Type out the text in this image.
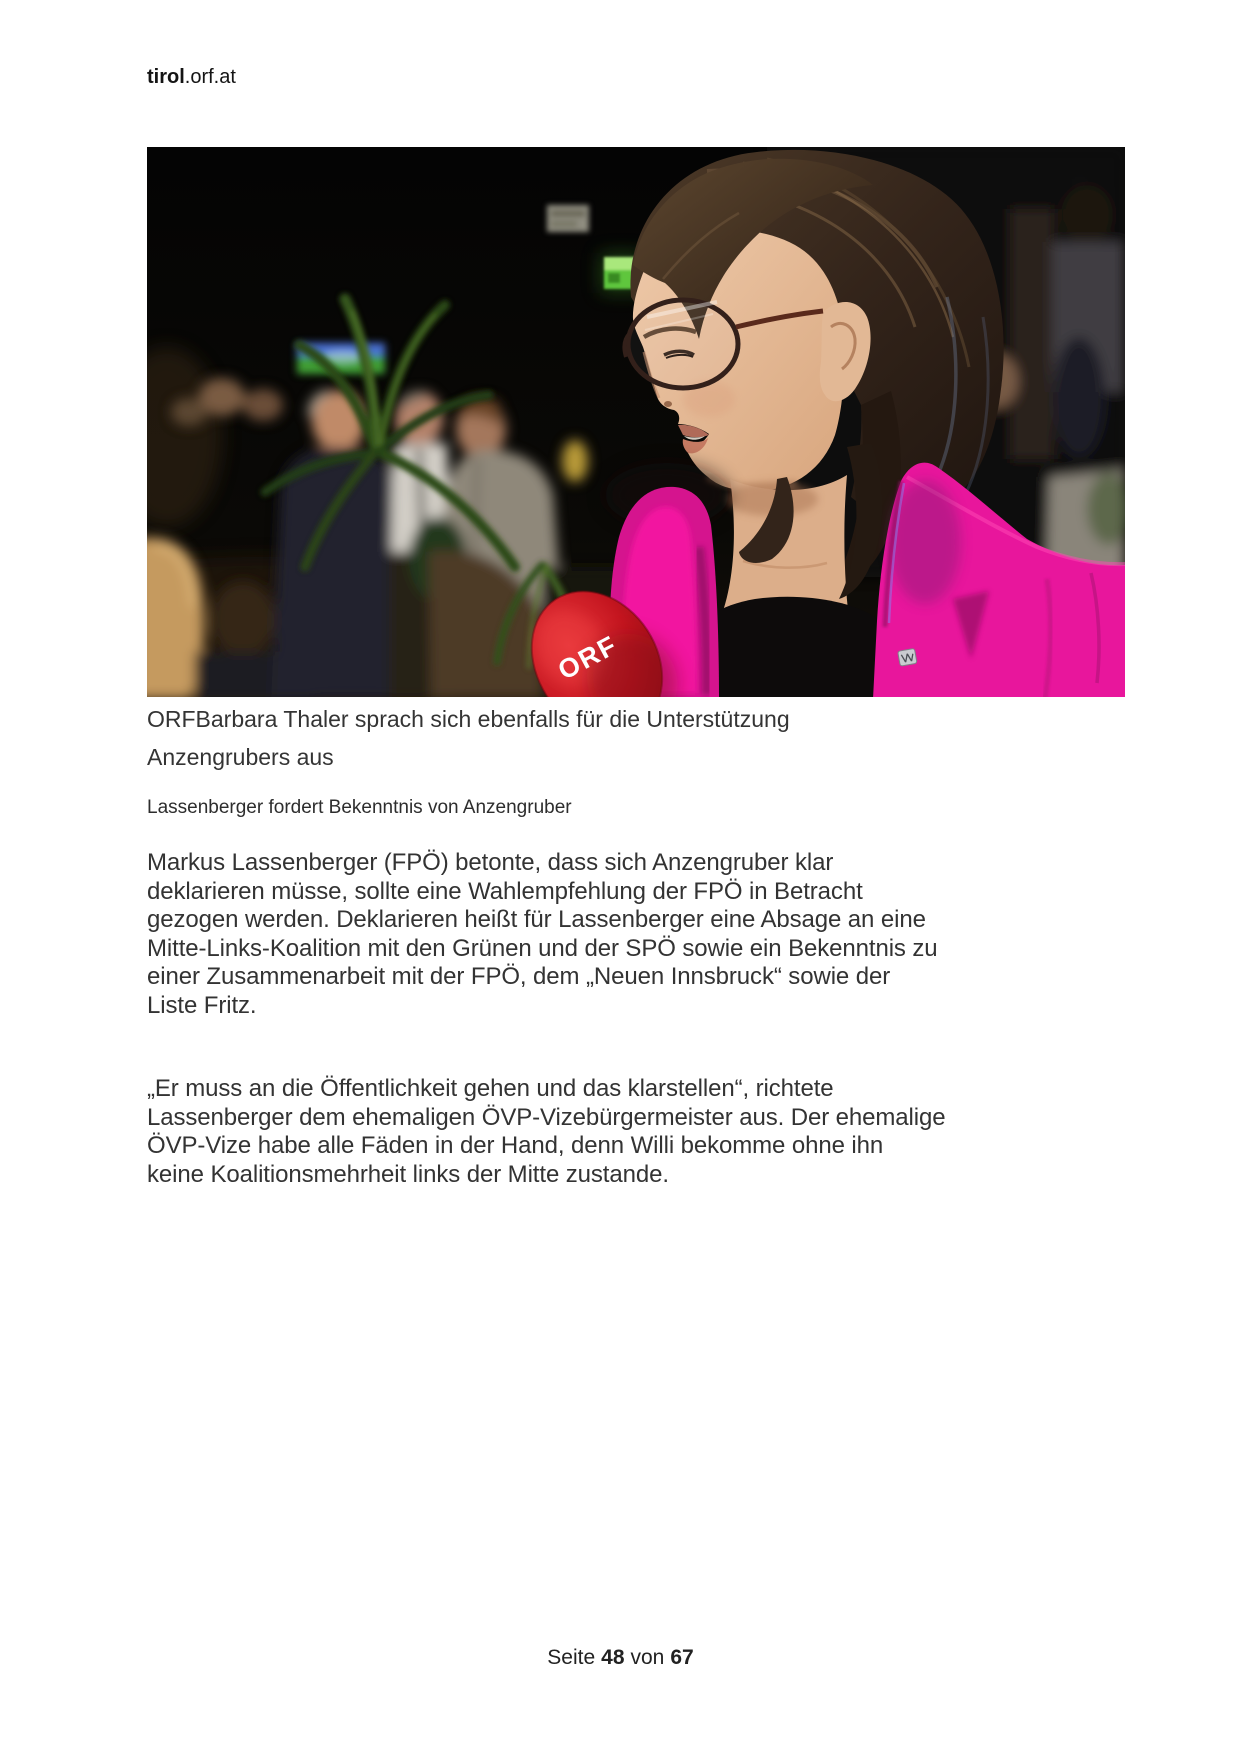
tirol.orf.at
ORF
ORFBarbara Thaler sprach sich ebenfalls für die Unterstützung
Anzengrubers aus
Lassenberger fordert Bekenntnis von Anzengruber
Markus Lassenberger (FPÖ) betonte, dass sich Anzengruber klar
deklarieren müsse, sollte eine Wahlempfehlung der FPÖ in Betracht
gezogen werden. Deklarieren heißt für Lassenberger eine Absage an eine
Mitte-Links-Koalition mit den Grünen und der SPÖ sowie ein Bekenntnis zu
einer Zusammenarbeit mit der FPÖ, dem „Neuen Innsbruck“ sowie der
Liste Fritz.
„Er muss an die Öffentlichkeit gehen und das klarstellen“, richtete
Lassenberger dem ehemaligen ÖVP-Vizebürgermeister aus. Der ehemalige
ÖVP-Vize habe alle Fäden in der Hand, denn Willi bekomme ohne ihn
keine Koalitionsmehrheit links der Mitte zustande.
Seite 48 von 67
